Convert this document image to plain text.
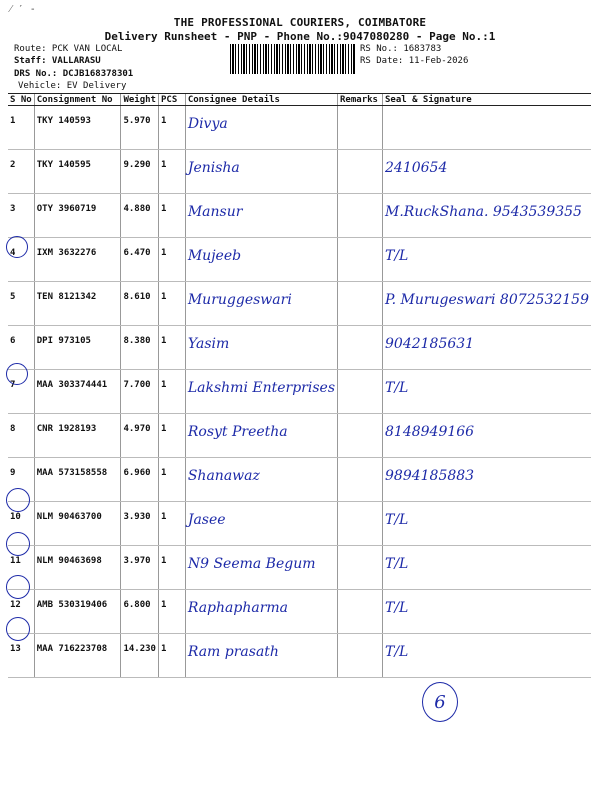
⁄ ′ ‐
THE PROFESSIONAL COURIERS, COIMBATORE
Delivery Runsheet - PNP - Phone No.:9047080280 - Page No.:1
Route: PCK VAN LOCAL
Staff: VALLARASU
DRS No.: DCJB168378301
Vehicle: EV Delivery
RS No.: 1683783
RS Date: 11-Feb-2026
S No	Consignment No	Weight	PCS	Consignee Details	Remarks	Seal & Signature
1	TKY 140593	5.970	1	Divya		
2	TKY 140595	9.290	1	Jenisha		2410654
3	OTY 3960719	4.880	1	Mansur		M.RuckShana. 9543539355
4	IXM 3632276	6.470	1	Mujeeb		T/L
5	TEN 8121342	8.610	1	Muruggeswari		P. Murugeswari 8072532159
6	DPI 973105	8.380	1	Yasim		9042185631
7	MAA 303374441	7.700	1	Lakshmi Enterprises		T/L
8	CNR 1928193	4.970	1	Rosyt Preetha		8148949166
9	MAA 573158558	6.960	1	Shanawaz		9894185883
10	NLM 90463700	3.930	1	Jasee		T/L
11	NLM 90463698	3.970	1	N9 Seema Begum		T/L
12	AMB 530319406	6.800	1	Raphapharma		T/L
13	MAA 716223708	14.230	1	Ram prasath		T/L
6
